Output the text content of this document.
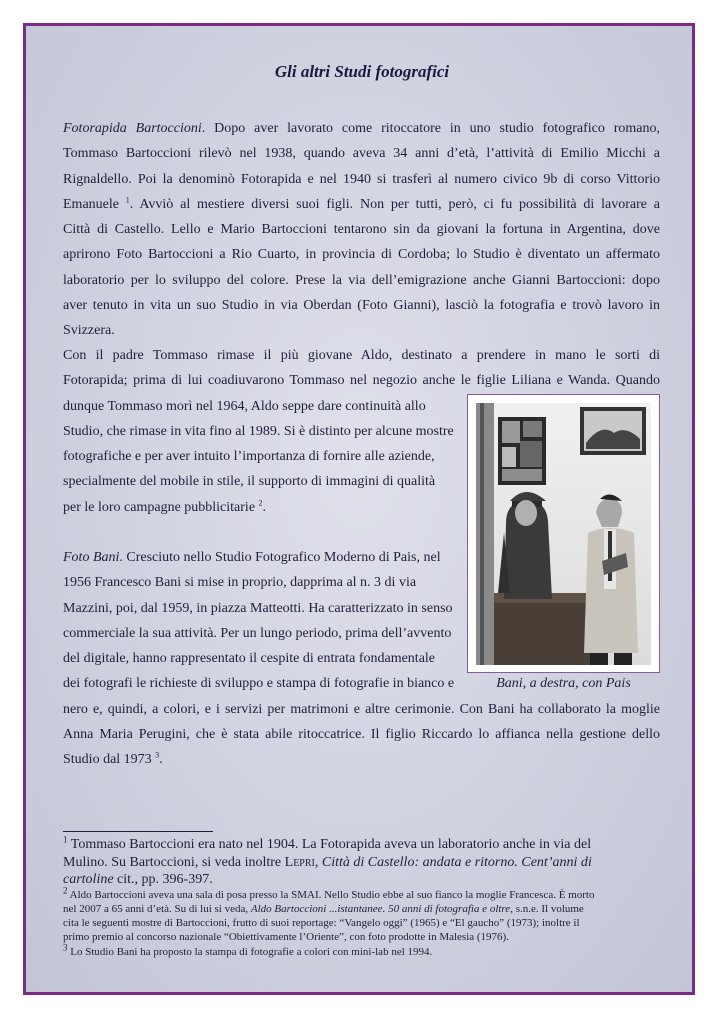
Gli altri Studi fotografici
Fotorapida Bartoccioni. Dopo aver lavorato come ritoccatore in uno studio fotografico romano,
Tommaso Bartoccioni rilevò nel 1938, quando aveva 34 anni d’età, l’attività di Emilio Micchi a
Rignaldello. Poi la denominò Fotorapida e nel 1940 si trasferì al numero civico 9b di corso Vittorio
Emanuele $^1$. Avviò al mestiere diversi suoi figli. Non per tutti, però, ci fu possibilità di lavorare a
Città di Castello. Lello e Mario Bartoccioni tentarono sin da giovani la fortuna in Argentina, dove
aprirono Foto Bartoccioni a Rio Cuarto, in provincia di Cordoba; lo Studio è diventato un affermato
laboratorio per lo sviluppo del colore. Prese la via dell’emigrazione anche Gianni Bartoccioni: dopo
aver tenuto in vita un suo Studio in via Oberdan (Foto Gianni), lasciò la fotografia e trovò lavoro in
Svizzera.
Con il padre Tommaso rimase il più giovane Aldo, destinato a prendere in mano le sorti di
Fotorapida; prima di lui coadiuvarono Tommaso nel negozio anche le figlie Liliana e Wanda. Quando
dunque Tommaso morì nel 1964, Aldo seppe dare continuità allo
Studio, che rimase in vita fino al 1989. Si è distinto per alcune mostre
fotografiche e per aver intuito l’importanza di fornire alle aziende,
specialmente del mobile in stile, il supporto di immagini di qualità
per le loro campagne pubblicitarie $^2$.
Foto Bani. Cresciuto nello Studio Fotografico Moderno di Pais, nel
1956 Francesco Bani si mise in proprio, dapprima al n. 3 di via
Mazzini, poi, dal 1959, in piazza Matteotti. Ha caratterizzato in senso
commerciale la sua attività. Per un lungo periodo, prima dell’avvento
del digitale, hanno rappresentato il cespite di entrata fondamentale
dei fotografi le richieste di sviluppo e stampa di fotografie in bianco e
nero e, quindi, a colori, e i servizi per matrimoni e altre cerimonie. Con Bani ha collaborato la moglie
Anna Maria Perugini, che è stata abile ritoccatrice. Il figlio Riccardo lo affianca nella gestione dello
Studio dal 1973 $^3$.
Bani, a destra, con Pais
$^1$ Tommaso Bartoccioni era nato nel 1904. La Fotorapida aveva un laboratorio anche in via del
Mulino. Su Bartoccioni, si veda inoltre Lepri, Città di Castello: andata e ritorno. Cent’anni di
cartoline cit., pp. 396-397.
$^2$ Aldo Bartoccioni aveva una sala di posa presso la SMAI. Nello Studio ebbe al suo fianco la moglie Francesca. È morto
nel 2007 a 65 anni d’età. Su di lui si veda, Aldo Bartoccioni ...istantanee. 50 anni di fotografia e oltre, s.n.e. Il volume
cita le seguenti mostre di Bartoccioni, frutto di suoi reportage: “Vangelo oggi” (1965) e “El gaucho” (1973); inoltre il
primo premio al concorso nazionale “Obiettivamente l’Oriente”, con foto prodotte in Malesia (1976).
$^3$ Lo Studio Bani ha proposto la stampa di fotografie a colori con mini-lab nel 1994.
